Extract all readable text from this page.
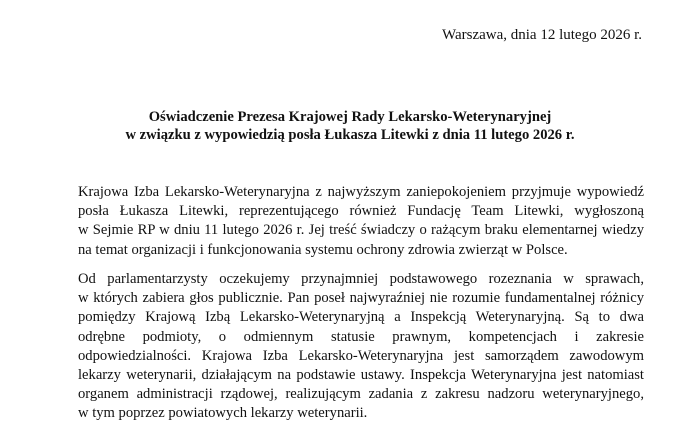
Warszawa, dnia 12 lutego 2026 r.
Oświadczenie Prezesa Krajowej Rady Lekarsko-Weterynaryjnej
w związku z wypowiedzią posła Łukasza Litewki z dnia 11 lutego 2026 r.
Krajowa Izba Lekarsko-Weterynaryjna z najwyższym zaniepokojeniem przyjmuje wypowiedź
posła Łukasza Litewki, reprezentującego również Fundację Team Litewki, wygłoszoną
w Sejmie RP w dniu 11 lutego 2026 r. Jej treść świadczy o rażącym braku elementarnej wiedzy
na temat organizacji i funkcjonowania systemu ochrony zdrowia zwierząt w Polsce.
Od parlamentarzysty oczekujemy przynajmniej podstawowego rozeznania w sprawach,
w których zabiera głos publicznie. Pan poseł najwyraźniej nie rozumie fundamentalnej różnicy
pomiędzy Krajową Izbą Lekarsko-Weterynaryjną a Inspekcją Weterynaryjną. Są to dwa
odrębne podmioty, o odmiennym statusie prawnym, kompetencjach i zakresie
odpowiedzialności. Krajowa Izba Lekarsko-Weterynaryjna jest samorządem zawodowym
lekarzy weterynarii, działającym na podstawie ustawy. Inspekcja Weterynaryjna jest natomiast
organem administracji rządowej, realizującym zadania z zakresu nadzoru weterynaryjnego,
w tym poprzez powiatowych lekarzy weterynarii.
